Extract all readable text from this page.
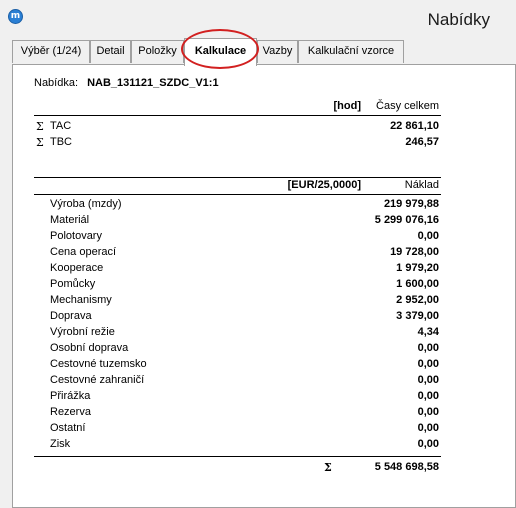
m	Nabídky
Výběr (1/24)	Detail	Položky	Kalkulace	Vazby	Kalkulační vzorce
Nabídka: NAB_131121_SZDC_V1:1
[hod] Časy celkem
Σ TAC	22 861,10
Σ TBC	246,57
[EUR/25,0000]	Náklad
Výroba (mzdy)	219 979,88
Materiál	5 299 076,16
Polotovary	0,00
Cena operací	19 728,00
Kooperace	1 979,20
Pomůcky	1 600,00
Mechanismy	2 952,00
Doprava	3 379,00
Výrobní režie	4,34
Osobní doprava	0,00
Cestovné tuzemsko	0,00
Cestovné zahraničí	0,00
Přirážka	0,00
Rezerva	0,00
Ostatní	0,00
Zisk	0,00
Σ	5 548 698,58
